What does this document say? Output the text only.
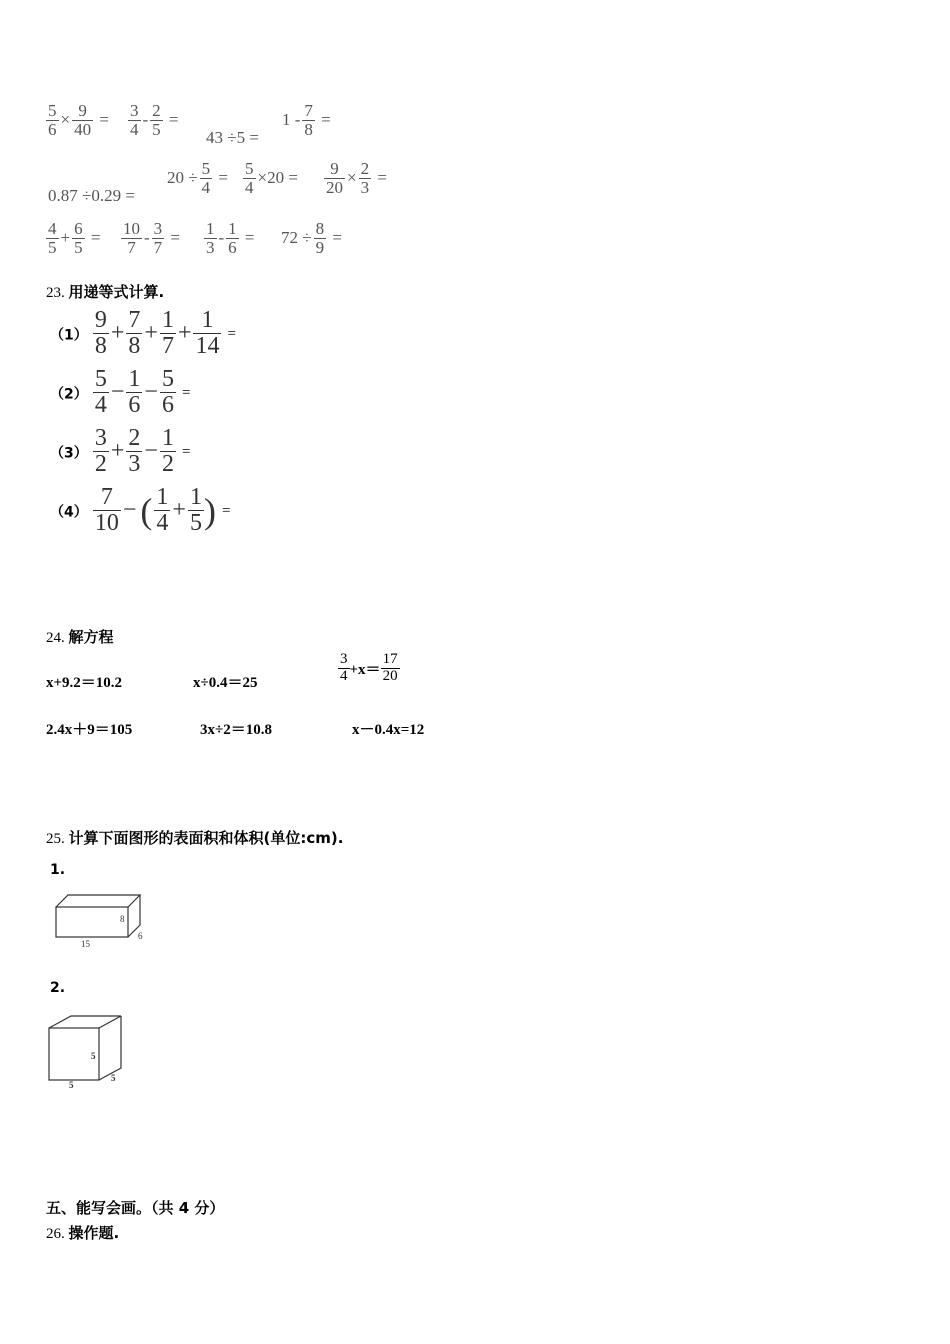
$\frac{5}{6} \times \frac{9}{40} = \frac{3}{4} - \frac{2}{5}$ =
43 ÷5 =
$1 - \frac{7}{8}$ =
0.87 ÷0.29 =
$20 \div \frac{5}{4} = \frac{5}{4} \times 20 = \frac{9}{20} \times \frac{2}{3}$ =
$\frac{4}{5} + \frac{6}{5} = \frac{10}{7} - \frac{3}{7} = \frac{1}{3} - \frac{1}{6} = 72 \div \frac{8}{9}$ =
23. 用递等式计算.
$(1) \frac{9}{8} + \frac{7}{8} + \frac{1}{7} + \frac{1}{14}$ =
$(2) \frac{5}{4} - \frac{1}{6} - \frac{5}{6}$ =
$(3) \frac{3}{2} + \frac{2}{3} - \frac{1}{2}$ =
$(4) \frac{7}{10}$ − ( $\frac{1}{4} + \frac{1}{5}$ ) =
24. 解方程
x+9.2＝10.2	x÷0.4＝25	$\frac{3}{4} +x= \frac{17}{20}$
2.4x＋9＝105	3x÷2＝10.8	x－0.4x=12
25. 计算下面图形的表面积和体积(单位:cm).
1.
8
15
6
2.
5
5
5
五、能写会画。（共 4 分）
26. 操作题.
